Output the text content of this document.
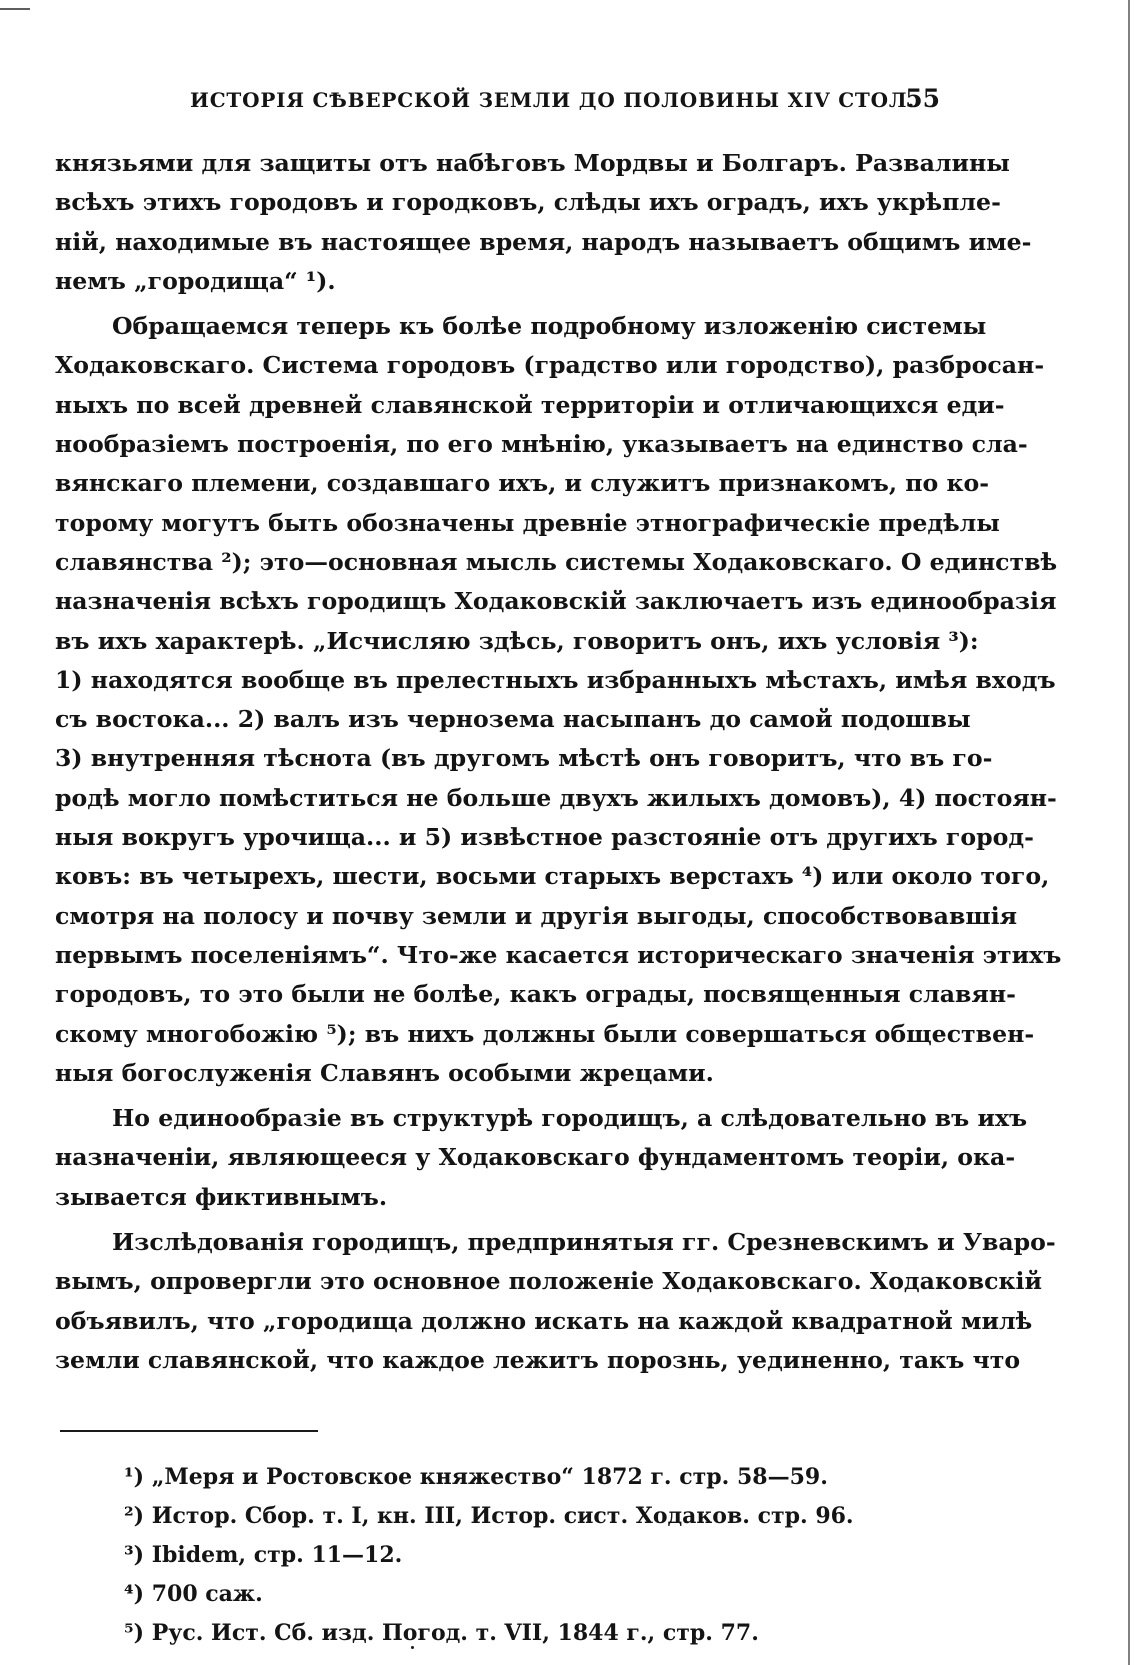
ИСТОРІЯ СѢВЕРСКОЙ ЗЕМЛИ ДО ПОЛОВИНЫ XIV СТОЛ.
55
князьями для защиты отъ набѣговъ Мордвы и Болгаръ. Развалины
всѣхъ этихъ городовъ и городковъ, слѣды ихъ оградъ, ихъ укрѣпле-
ній, находимые въ настоящее время, народъ называетъ общимъ име-
немъ „городища“ ¹).
Обращаемся теперь къ болѣе подробному изложенію системы
Ходаковскаго. Система городовъ (градство или городство), разбросан-
ныхъ по всей древней славянской территоріи и отличающихся еди-
нообразіемъ построенія, по его мнѣнію, указываетъ на единство сла-
вянскаго племени, создавшаго ихъ, и служитъ признакомъ, по ко-
торому могутъ быть обозначены древніе этнографическіе предѣлы
славянства ²); это—основная мысль системы Ходаковскаго. О единствѣ
назначенія всѣхъ городищъ Ходаковскій заключаетъ изъ единообразія
въ ихъ характерѣ. „Исчисляю здѣсь, говоритъ онъ, ихъ условія ³):
1) находятся вообще въ прелестныхъ избранныхъ мѣстахъ, имѣя входъ
съ востока... 2) валъ изъ чернозема насыпанъ до самой подошвы
3) внутренняя тѣснота (въ другомъ мѣстѣ онъ говоритъ, что въ го-
родѣ могло помѣститься не больше двухъ жилыхъ домовъ), 4) постоян-
ныя вокругъ урочища... и 5) извѣстное разстояніе отъ другихъ город-
ковъ: въ четырехъ, шести, восьми старыхъ верстахъ ⁴) или около того,
смотря на полосу и почву земли и другія выгоды, способствовавшія
первымъ поселеніямъ“. Что-же касается историческаго значенія этихъ
городовъ, то это были не болѣе, какъ ограды, посвященныя славян-
скому многобожію ⁵); въ нихъ должны были совершаться обществен-
ныя богослуженія Славянъ особыми жрецами.
Но единообразіе въ структурѣ городищъ, а слѣдовательно въ ихъ
назначеніи, являющееся у Ходаковскаго фундаментомъ теоріи, ока-
зывается фиктивнымъ.
Изслѣдованія городищъ, предпринятыя гг. Срезневскимъ и Уваро-
вымъ, опровергли это основное положеніе Ходаковскаго. Ходаковскій
объявилъ, что „городища должно искать на каждой квадратной милѣ
земли славянской, что каждое лежитъ порознь, уединенно, такъ что
¹) „Меря и Ростовское княжество“ 1872 г. стр. 58—59.
²) Истор. Сбор. т. I, кн. III, Истор. сист. Ходаков. стр. 96.
³) Ibidem, стр. 11—12.
⁴) 700 саж.
⁵) Рус. Ист. Сб. изд. Погод. т. VII, 1844 г., стр. 77.
